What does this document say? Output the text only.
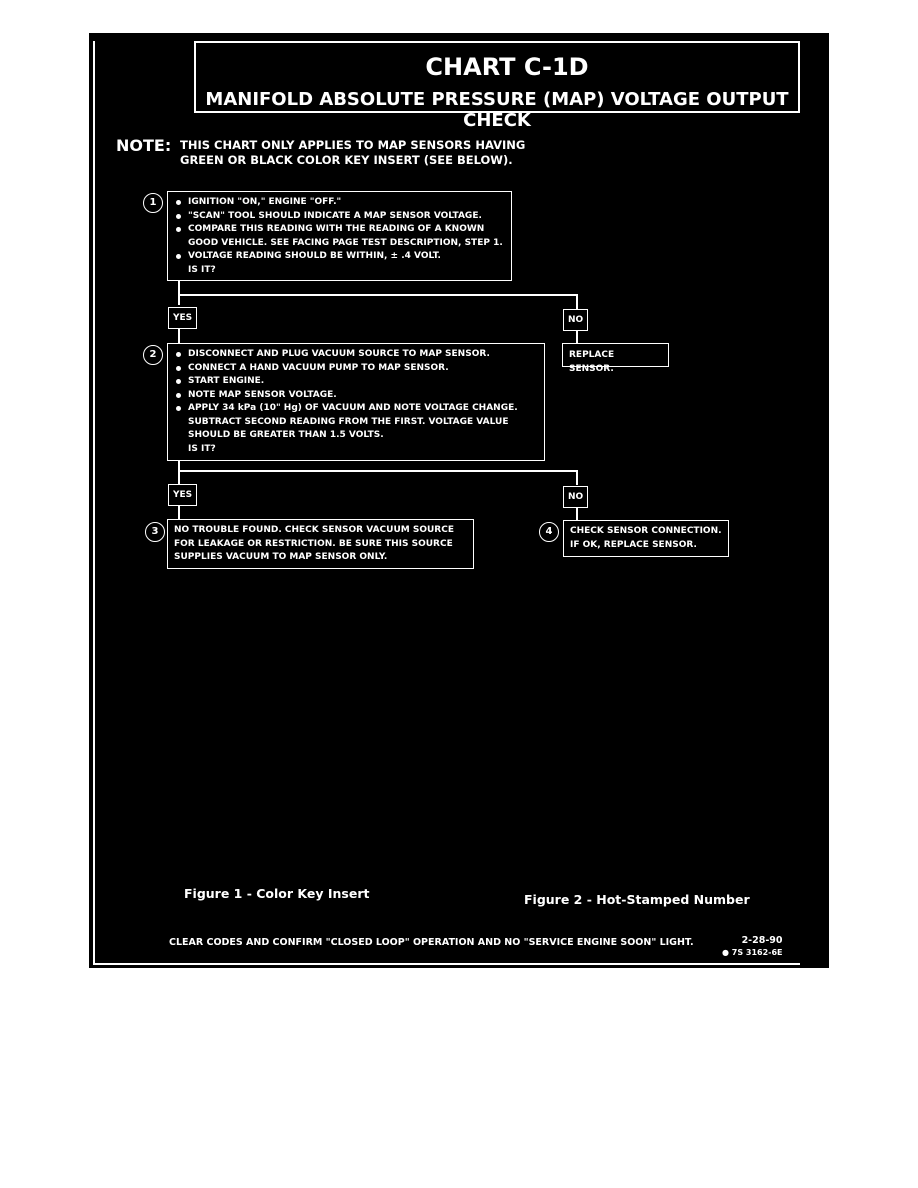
CHART C-1D
MANIFOLD ABSOLUTE PRESSURE (MAP) VOLTAGE OUTPUT CHECK
NOTE: THIS CHART ONLY APPLIES TO MAP SENSORS HAVING
GREEN OR BLACK COLOR KEY INSERT (SEE BELOW).
1	IGNITION "ON," ENGINE "OFF."
"SCAN" TOOL SHOULD INDICATE A MAP SENSOR VOLTAGE.
COMPARE THIS READING WITH THE READING OF A KNOWN
GOOD VEHICLE. SEE FACING PAGE TEST DESCRIPTION, STEP 1.
VOLTAGE READING SHOULD BE WITHIN, ± .4 VOLT.
IS IT?
YES	NO
REPLACE SENSOR.
2	DISCONNECT AND PLUG VACUUM SOURCE TO MAP SENSOR.
CONNECT A HAND VACUUM PUMP TO MAP SENSOR.
START ENGINE.
NOTE MAP SENSOR VOLTAGE.
APPLY 34 kPa (10" Hg) OF VACUUM AND NOTE VOLTAGE CHANGE.
SUBTRACT SECOND READING FROM THE FIRST. VOLTAGE VALUE
SHOULD BE GREATER THAN 1.5 VOLTS.
IS IT?
YES	NO
3	NO TROUBLE FOUND. CHECK SENSOR VACUUM SOURCE
FOR LEAKAGE OR RESTRICTION. BE SURE THIS SOURCE
SUPPLIES VACUUM TO MAP SENSOR ONLY.
4	CHECK SENSOR CONNECTION.
IF OK, REPLACE SENSOR.
Figure 1 - Color Key Insert	Figure 2 - Hot-Stamped Number
CLEAR CODES AND CONFIRM "CLOSED LOOP" OPERATION AND NO "SERVICE ENGINE SOON" LIGHT.	2-28-90
● 7S 3162-6E
